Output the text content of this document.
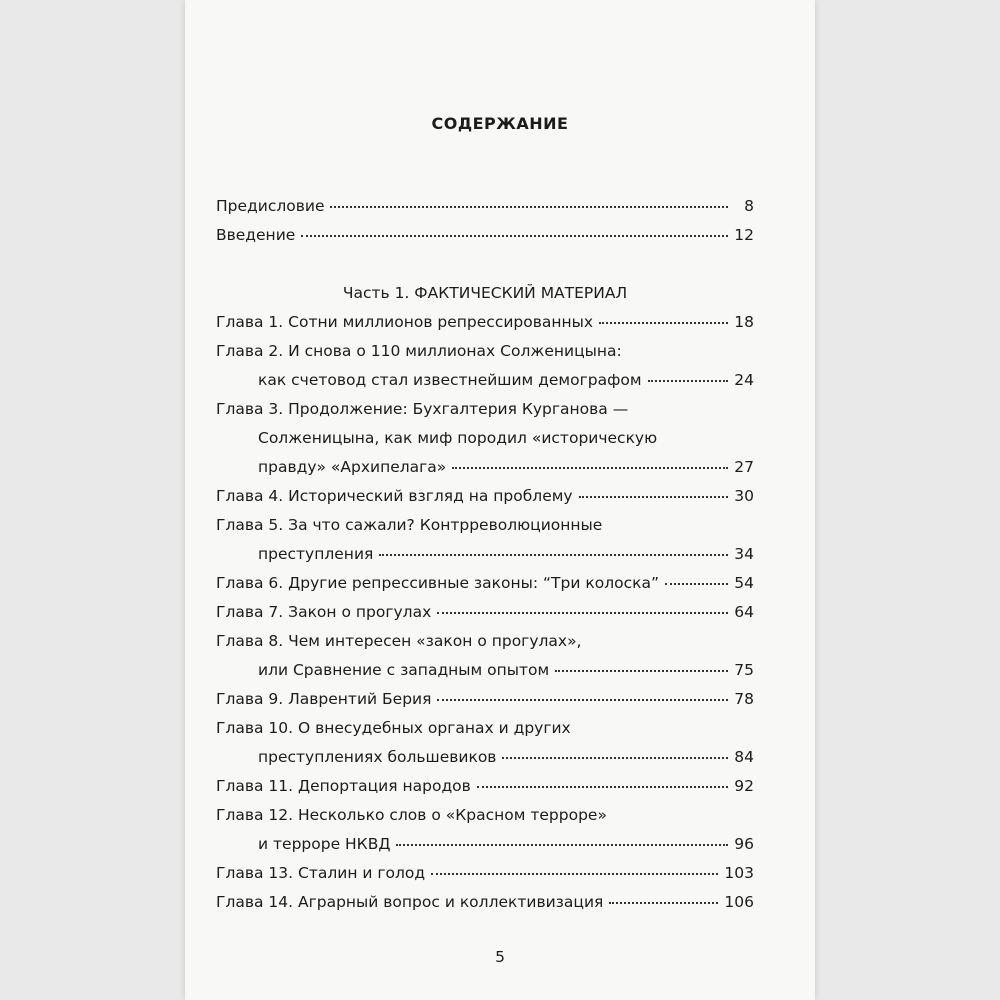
СОДЕРЖАНИЕ
Предисловие	8
Введение	12
Часть 1. ФАКТИЧЕСКИЙ МАТЕРИАЛ
Глава 1. Сотни миллионов репрессированных	18
Глава 2. И снова о 110 миллионах Солженицына:
как счетовод стал известнейшим демографом	24
Глава 3. Продолжение: Бухгалтерия Курганова —
Солженицына, как миф породил «историческую
правду» «Архипелага»	27
Глава 4. Исторический взгляд на проблему	30
Глава 5. За что сажали? Контрреволюционные
преступления	34
Глава 6. Другие репрессивные законы: “Три колоска”	54
Глава 7. Закон о прогулах	64
Глава 8. Чем интересен «закон о прогулах»,
или Сравнение с западным опытом	75
Глава 9. Лаврентий Берия	78
Глава 10. О внесудебных органах и других
преступлениях большевиков	84
Глава 11. Депортация народов	92
Глава 12. Несколько слов о «Красном терроре»
и терроре НКВД	96
Глава 13. Сталин и голод	103
Глава 14. Аграрный вопрос и коллективизация	106
5
